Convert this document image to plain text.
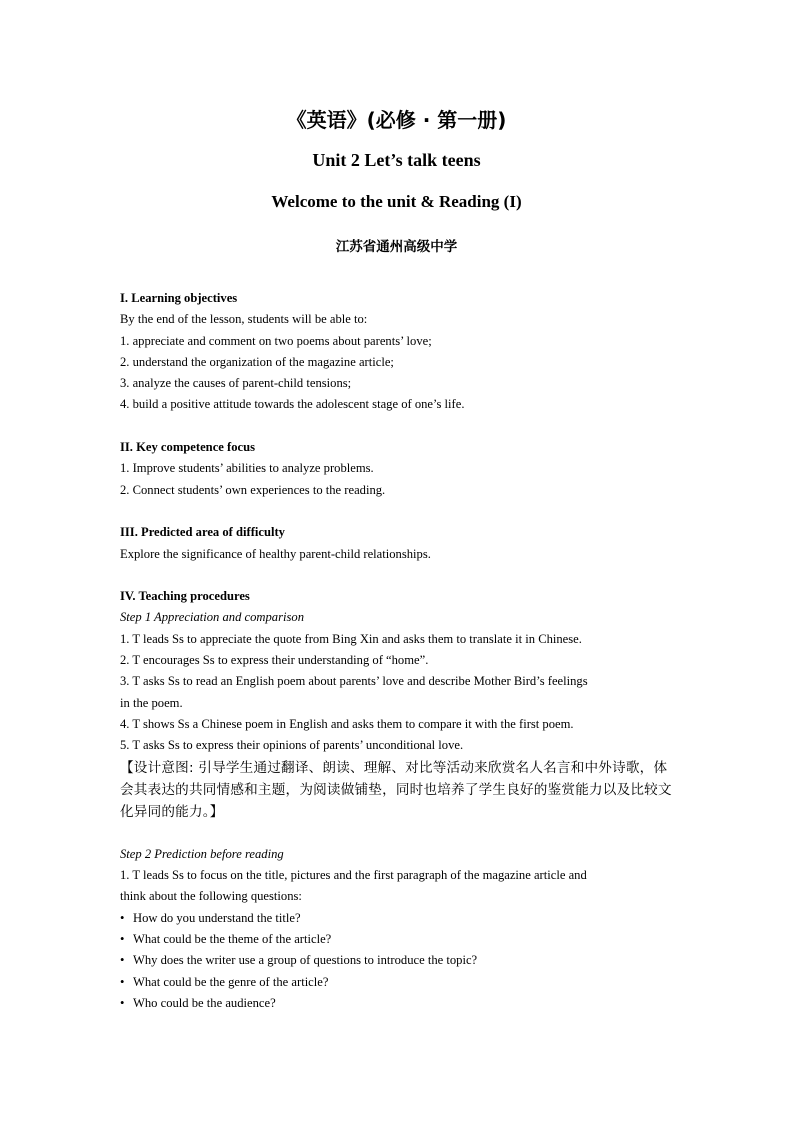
《英语》(必修 · 第一册)
Unit 2 Let’s talk teens
Welcome to the unit & Reading (I)
江苏省通州高级中学
I. Learning objectives
By the end of the lesson, students will be able to:
1. appreciate and comment on two poems about parents’ love;
2. understand the organization of the magazine article;
3. analyze the causes of parent-child tensions;
4. build a positive attitude towards the adolescent stage of one’s life.
II. Key competence focus
1. Improve students’ abilities to analyze problems.
2. Connect students’ own experiences to the reading.
III. Predicted area of difficulty
Explore the significance of healthy parent-child relationships.
IV. Teaching procedures
Step 1 Appreciation and comparison
1. T leads Ss to appreciate the quote from Bing Xin and asks them to translate it in Chinese.
2. T encourages Ss to express their understanding of “home”.
3. T asks Ss to read an English poem about parents’ love and describe Mother Bird’s feelings
in the poem.
4. T shows Ss a Chinese poem in English and asks them to compare it with the first poem.
5. T asks Ss to express their opinions of parents’ unconditional love.
【设计意图: 引导学生通过翻译、朗读、理解、对比等活动来欣赏名人名言和中外诗歌，体会其表达的共同情感和主题，为阅读做铺垫，同时也培养了学生良好的鉴赏能力以及比较文化异同的能力。】
Step 2 Prediction before reading
1. T leads Ss to focus on the title, pictures and the first paragraph of the magazine article and
think about the following questions:
• How do you understand the title?
• What could be the theme of the article?
• Why does the writer use a group of questions to introduce the topic?
• What could be the genre of the article?
• Who could be the audience?
